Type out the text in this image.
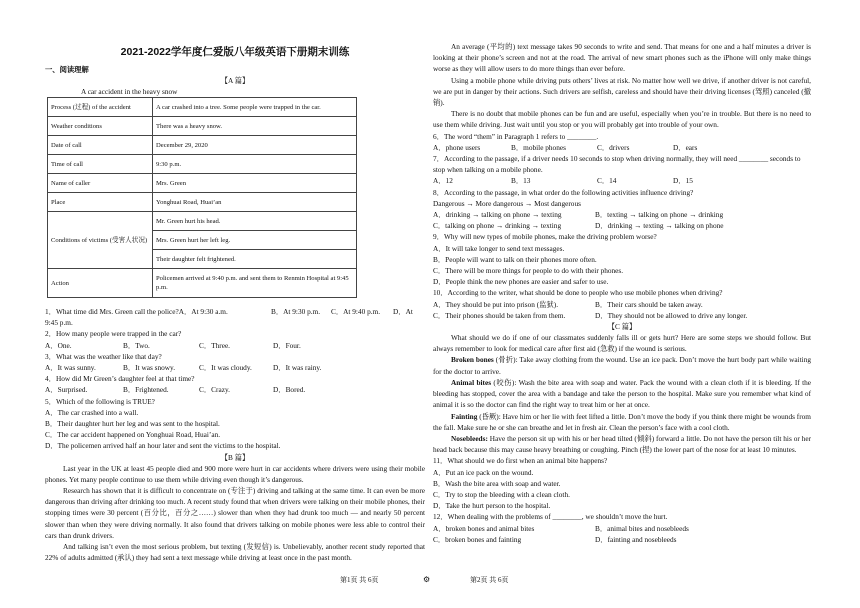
2021-2022学年度仁爱版八年级英语下册期末训练
一、阅读理解
【A 篇】
A car accident in the heavy snow
Process (过程) of the accident	A car crashed into a tree. Some people were trapped in the car.
Weather conditions	There was a heavy snow.
Date of call	December 29, 2020
Time of call	9:30 p.m.
Name of caller	Mrs. Green
Place	Yonghuai Road, Huai’an
Conditions of victims (受害人状况)	Mr. Green hurt his head.
	Mrs. Green hurt her left leg.
	Their daughter felt frightened.
Action	Policemen arrived at 9:40 p.m. and sent them to Renmin Hospital at 9:45 p.m.
1．What time did Mrs. Green call the police?A．At 9:30 a.m.	B．At 9:30 p.m.	C．At 9:40 p.m.	D．At
9:45 p.m.
2．How many people were trapped in the car?
A．One.	B．Two.	C．Three.	D．Four.
3．What was the weather like that day?
A．It was sunny.	B．It was snowy.	C．It was cloudy.	D．It was rainy.
4．How did Mr Green’s daughter feel at that time?
A．Surprised.	B．Frightened.	C．Crazy.	D．Bored.
5．Which of the following is TRUE?
A．The car crashed into a wall.
B．Their daughter hurt her leg and was sent to the hospital.
C．The car accident happened on Yonghuai Road, Huai’an.
D．The policemen arrived half an hour later and sent the victims to the hospital.
【B 篇】
Last year in the UK at least 45 people died and 900 more were hurt in car accidents where drivers were using their mobile phones. Yet many people continue to use them while driving even though it’s dangerous.
Research has shown that it is difficult to concentrate on (专注于) driving and talking at the same time. It can even be more dangerous than driving after drinking too much. A recent study found that when drivers were talking on their mobile phones, their stopping times were 30 percent (百分比，百分之……) slower than when they had drunk too much — and nearly 50 percent slower than when they were driving normally. It also found that drivers talking on mobile phones were less able to control their cars than drunk drivers.
And talking isn’t even the most serious problem, but texting (发短信) is. Unbelievably, another recent study reported that 22% of adults admitted (承认) they had sent a text message while driving at least once in the past month.
An average (平均的) text message takes 90 seconds to write and send. That means for one and a half minutes a driver is looking at their phone’s screen and not at the road. The arrival of new smart phones such as the iPhone will only make things worse as they will allow users to do more things than ever before.
Using a mobile phone while driving puts others’ lives at risk. No matter how well we drive, if another driver is not careful, we are put in danger by their actions. Such drivers are selfish, careless and should have their driving licenses (驾照) canceled (撤销).
There is no doubt that mobile phones can be fun and are useful, especially when you’re in trouble. But there is no need to use them while driving. Just wait until you stop or you will probably get into trouble of your own.
6．The word “them” in Paragraph 1 refers to ________.
A．phone users	B．mobile phones	C．drivers	D．ears
7．According to the passage, if a driver needs 10 seconds to stop when driving normally, they will need ________ seconds to stop when talking on a mobile phone.
A．12	B．13	C．14	D．15
8．According to the passage, in what order do the following activities influence driving?
Dangerous → More dangerous → Most dangerous
A．drinking → talking on phone → texting	B．texting → talking on phone → drinking
C．talking on phone → drinking → texting	D．drinking → texting → talking on phone
9．Why will new types of mobile phones, make the driving problem worse?
A．It will take longer to send text messages.
B．People will want to talk on their phones more often.
C．There will be more things for people to do with their phones.
D．People think the new phones are easier and safer to use.
10．According to the writer, what should be done to people who use mobile phones when driving?
A．They should be put into prison (监狱).	B．Their cars should be taken away.
C．Their phones should be taken from them.	D．They should not be allowed to drive any longer.
【C 篇】
What should we do if one of our classmates suddenly falls ill or gets hurt? Here are some steps we should follow. But always remember to look for medical care after first aid (急救) if the wound is serious.
Broken bones (骨折): Take away clothing from the wound. Use an ice pack. Don’t move the hurt body part while waiting for the doctor to arrive.
Animal bites (咬伤): Wash the bite area with soap and water. Pack the wound with a clean cloth if it is bleeding. If the bleeding has stopped, cover the area with a bandage and take the person to the hospital. Make sure you remember what kind of animal it is so the doctor can find the right way to treat him or her at once.
Fainting (昏厥): Have him or her lie with feet lifted a little. Don’t move the body if you think there might be wounds from the fall. Make sure he or she can breathe and let in fresh air. Clean the person’s face with a cool cloth.
Nosebleeds: Have the person sit up with his or her head tilted (倾斜) forward a little. Do not have the person tilt his or her head back because this may cause heavy breathing or coughing. Pinch (捏) the lower part of the nose for at least 10 minutes.
11．What should we do first when an animal bite happens?
A．Put an ice pack on the wound.
B．Wash the bite area with soap and water.
C．Try to stop the bleeding with a clean cloth.
D．Take the hurt person to the hospital.
12．When dealing with the problems of ________, we shouldn’t move the hurt.
A．broken bones and animal bites	B．animal bites and nosebleeds
C．broken bones and fainting	D．fainting and nosebleeds
第1页 共 6页	⚙	第2页 共 6页
